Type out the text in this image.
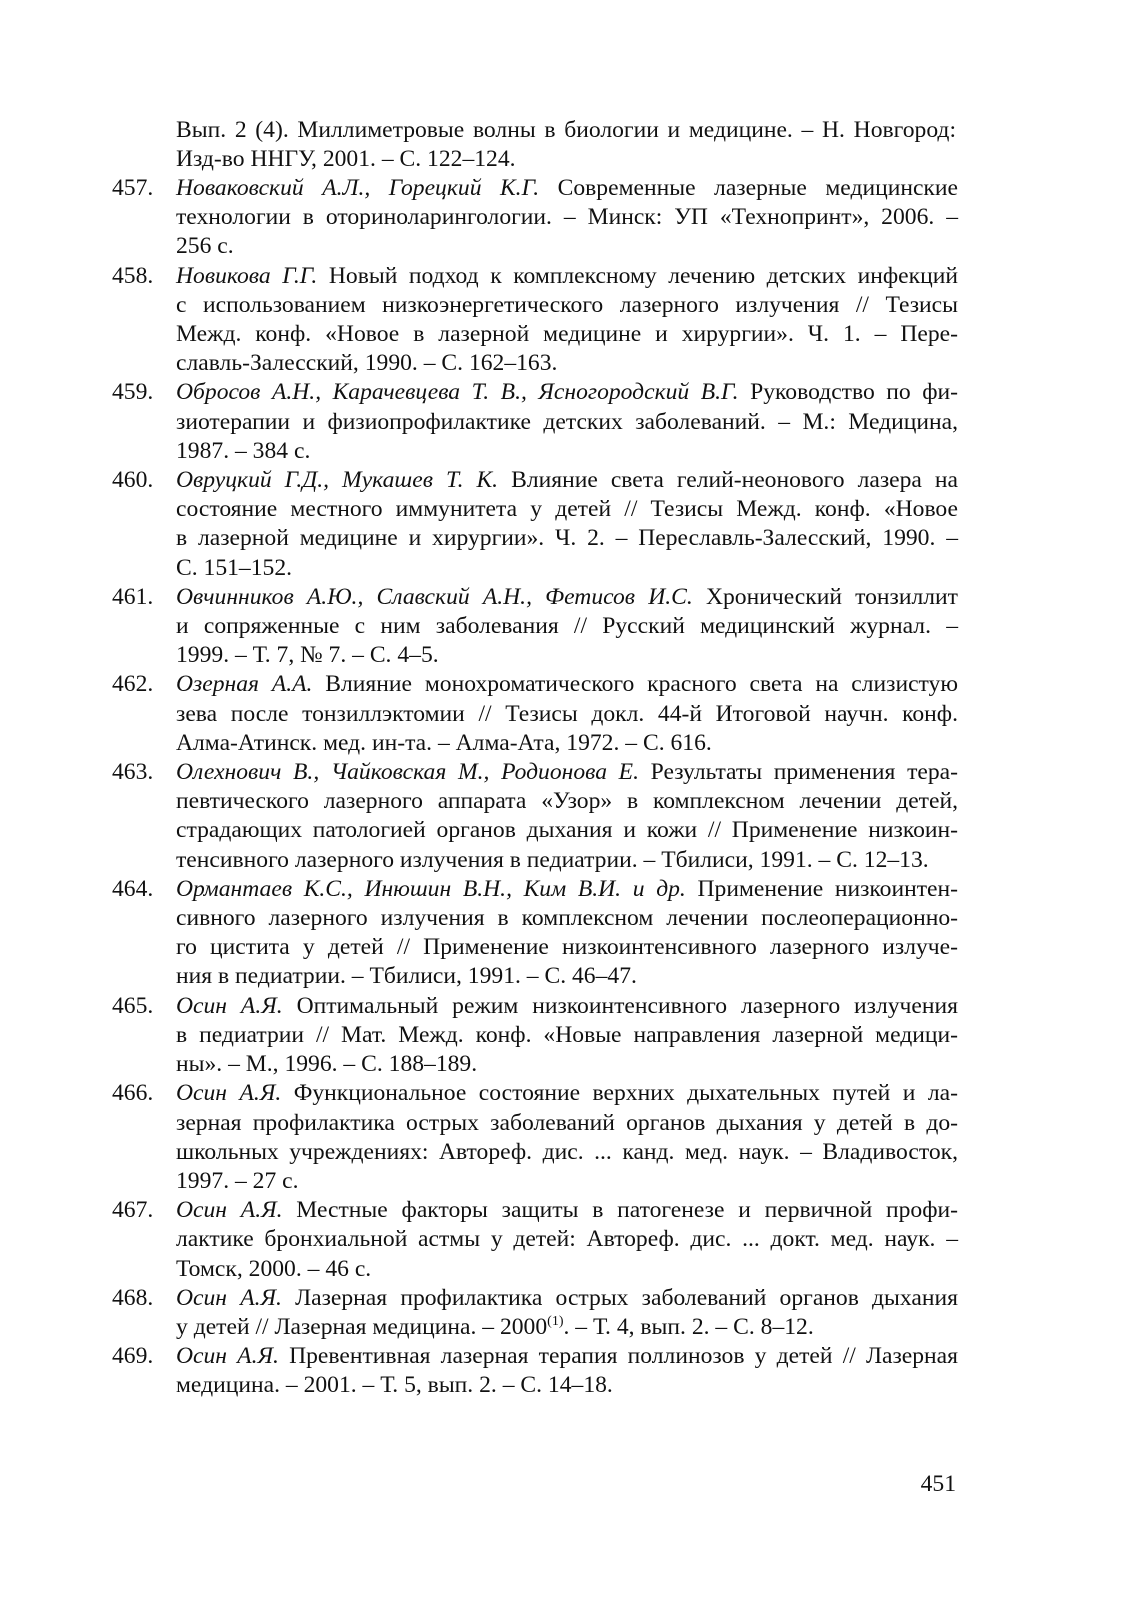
Вып. 2 (4). Миллиметровые волны в биологии и медицине. – Н. Новгород:
Изд-во ННГУ, 2001. – С. 122–124.
457. Новаковский А.Л., Горецкий К.Г. Современные лазерные медицинские
технологии в оториноларингологии. – Минск: УП «Технопринт», 2006. –
256 с.
458. Новикова Г.Г. Новый подход к комплексному лечению детских инфекций
с использованием низкоэнергетического лазерного излучения // Тезисы
Межд. конф. «Новое в лазерной медицине и хирургии». Ч. 1. – Пере-
славль-Залесский, 1990. – С. 162–163.
459. Обросов А.Н., Карачевцева Т. В., Ясногородский В.Г. Руководство по фи-
зиотерапии и физиопрофилактике детских заболеваний. – М.: Медицина,
1987. – 384 с.
460. Овруцкий Г.Д., Мукашев Т. К. Влияние света гелий-неонового лазера на
состояние местного иммунитета у детей // Тезисы Межд. конф. «Новое
в лазерной медицине и хирургии». Ч. 2. – Переславль-Залесский, 1990. –
С. 151–152.
461. Овчинников А.Ю., Славский А.Н., Фетисов И.С. Хронический тонзиллит
и сопряженные с ним заболевания // Русский медицинский журнал. –
1999. – Т. 7, № 7. – С. 4–5.
462. Озерная А.А. Влияние монохроматического красного света на слизистую
зева после тонзиллэктомии // Тезисы докл. 44-й Итоговой научн. конф.
Алма-Атинск. мед. ин-та. – Алма-Ата, 1972. – С. 616.
463. Олехнович В., Чайковская М., Родионова Е. Результаты применения тера-
певтического лазерного аппарата «Узор» в комплексном лечении детей,
страдающих патологией органов дыхания и кожи // Применение низкоин-
тенсивного лазерного излучения в педиатрии. – Тбилиси, 1991. – С. 12–13.
464. Ормантаев К.С., Инюшин В.Н., Ким В.И. и др. Применение низкоинтен-
сивного лазерного излучения в комплексном лечении послеоперационно-
го цистита у детей // Применение низкоинтенсивного лазерного излуче-
ния в педиатрии. – Тбилиси, 1991. – С. 46–47.
465. Осин А.Я. Оптимальный режим низкоинтенсивного лазерного излучения
в педиатрии // Мат. Межд. конф. «Новые направления лазерной медици-
ны». – М., 1996. – С. 188–189.
466. Осин А.Я. Функциональное состояние верхних дыхательных путей и ла-
зерная профилактика острых заболеваний органов дыхания у детей в до-
школьных учреждениях: Автореф. дис. ... канд. мед. наук. – Владивосток,
1997. – 27 с.
467. Осин А.Я. Местные факторы защиты в патогенезе и первичной профи-
лактике бронхиальной астмы у детей: Автореф. дис. ... докт. мед. наук. –
Томск, 2000. – 46 с.
468. Осин А.Я. Лазерная профилактика острых заболеваний органов дыхания
у детей // Лазерная медицина. – 2000$^{(1)}$. – Т. 4, вып. 2. – С. 8–12.
469. Осин А.Я. Превентивная лазерная терапия поллинозов у детей // Лазерная
медицина. – 2001. – Т. 5, вып. 2. – С. 14–18.
451
